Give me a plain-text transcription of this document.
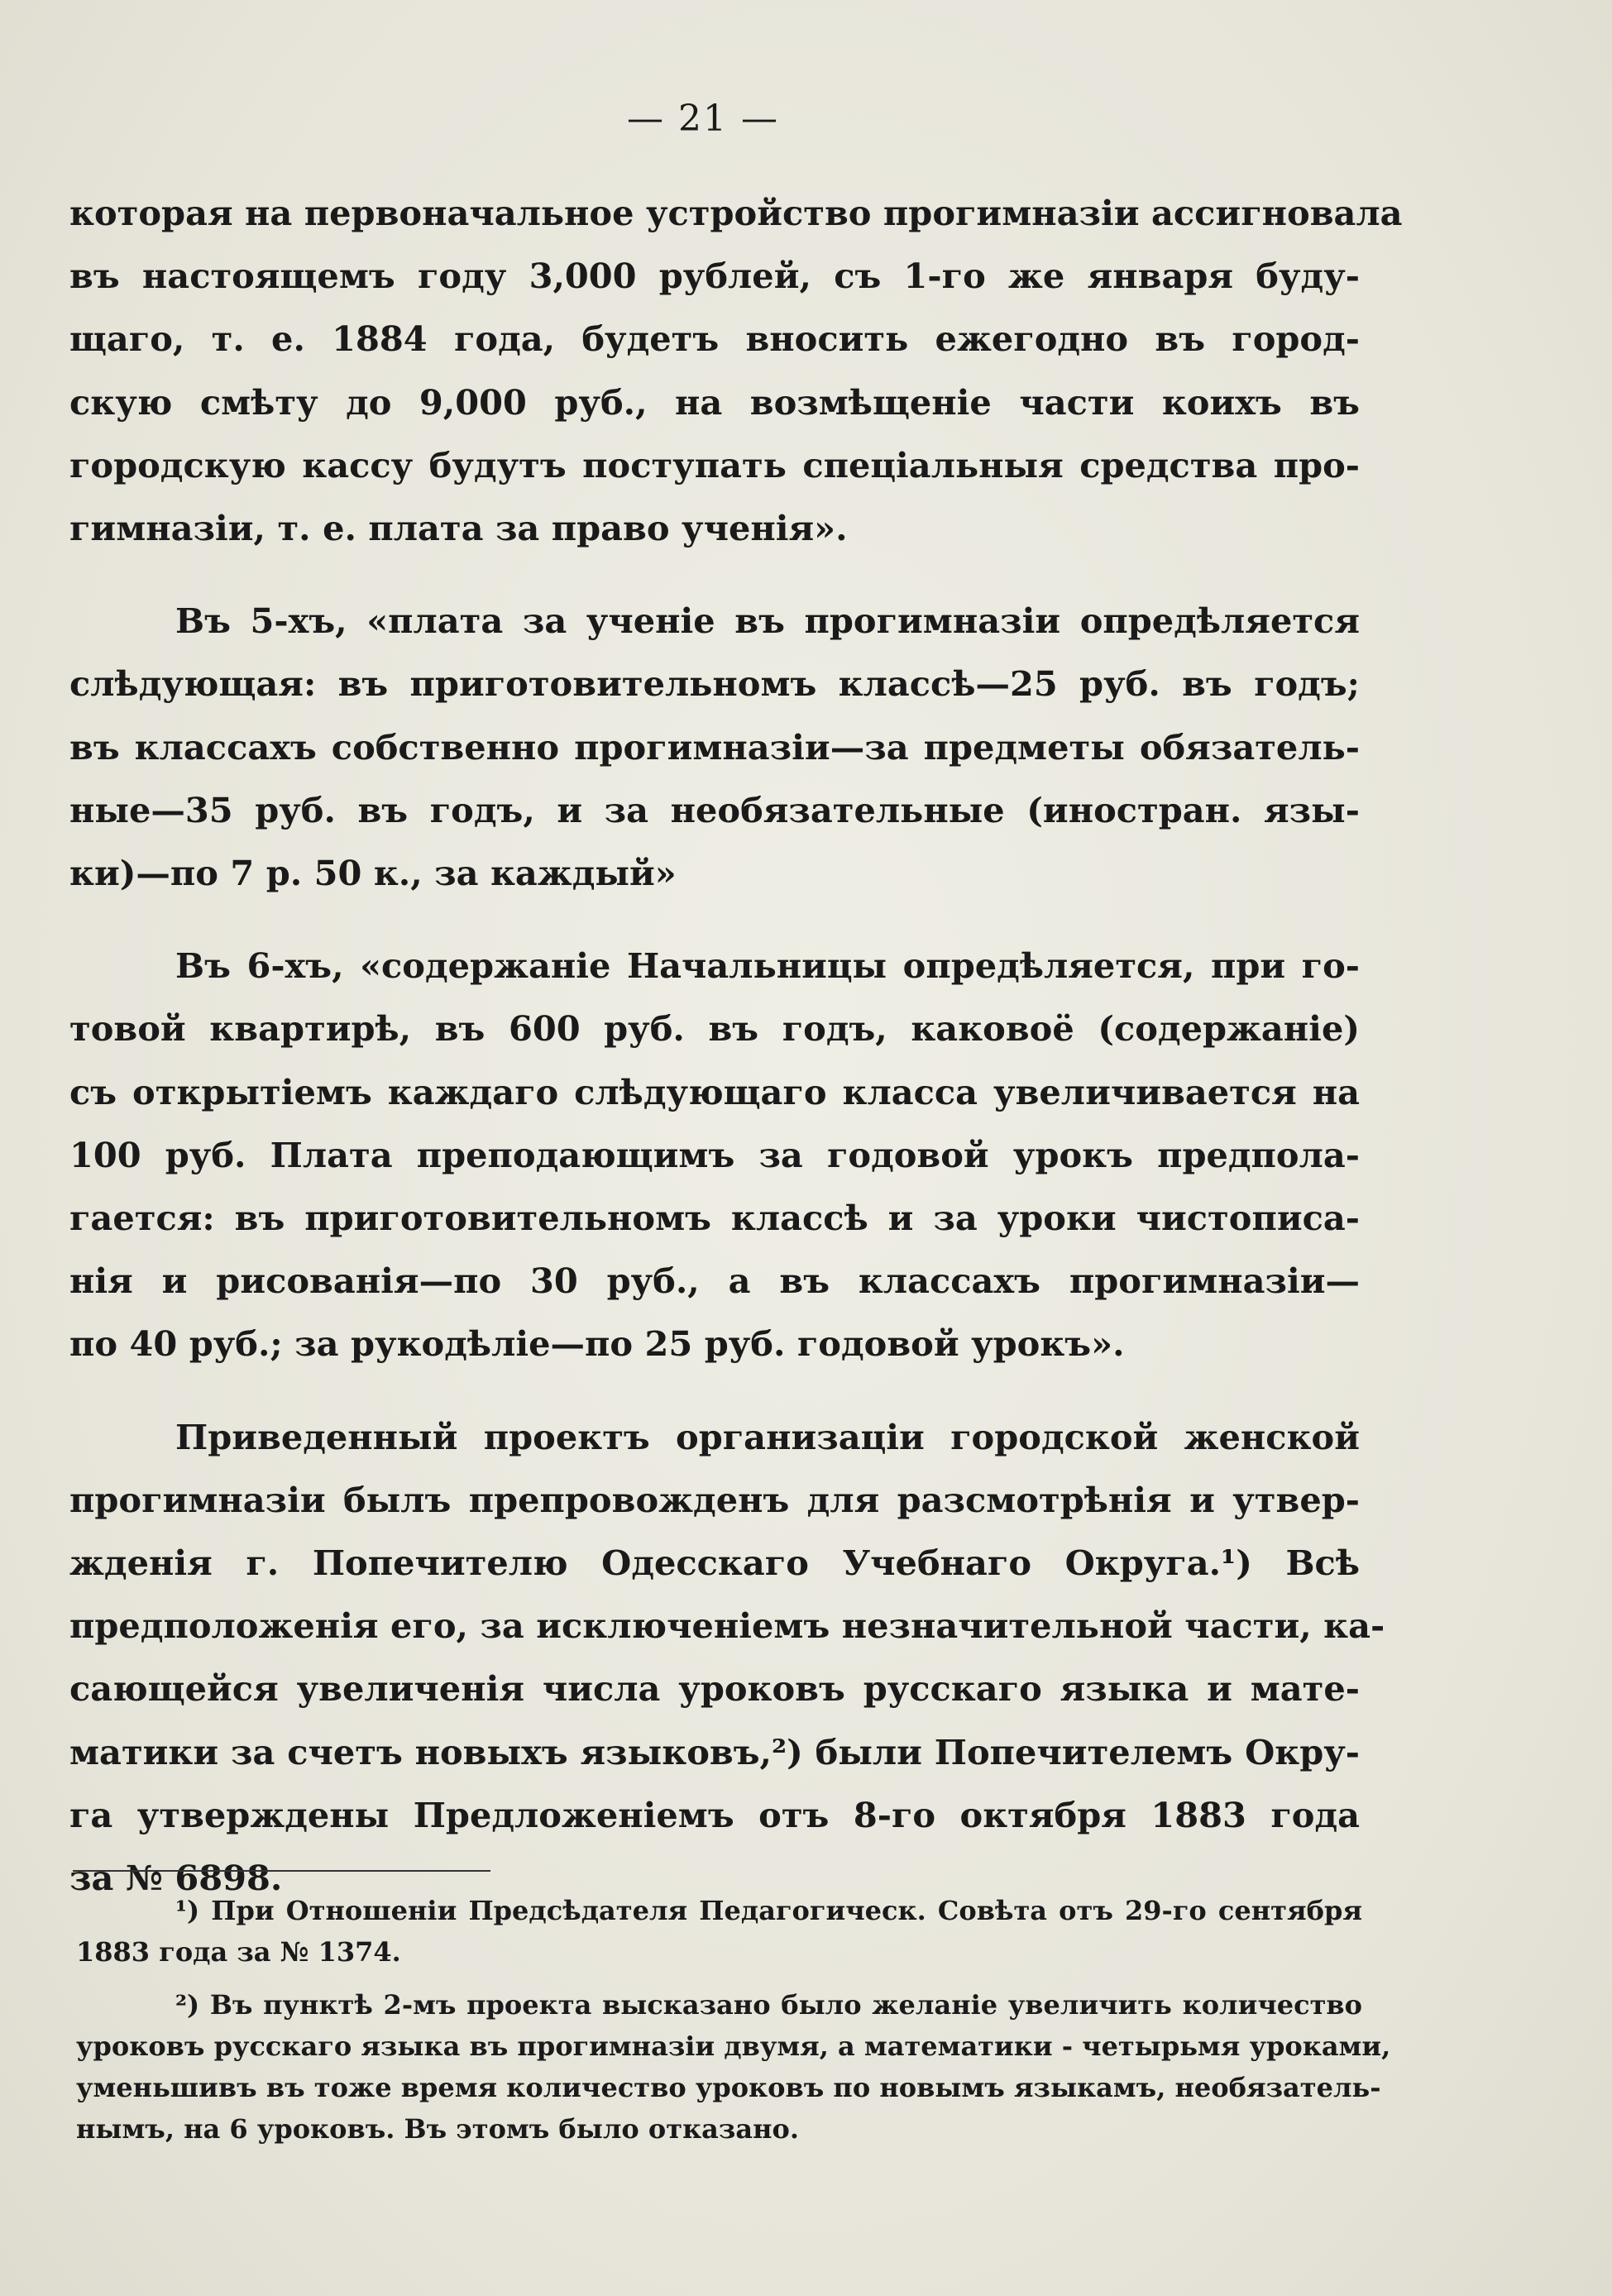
— 21 —
которая на первоначальное устройство прогимназіи ассигновала
въ настоящемъ году 3,000 рублей, съ 1-го же января буду-
щаго, т. е. 1884 года, будетъ вносить ежегодно въ город-
скую смѣту до 9,000 руб., на возмѣщеніе части коихъ въ
городскую кассу будутъ поступать спеціальныя средства про-
гимназіи, т. е. плата за право ученія».
Въ 5-хъ, «плата за ученіе въ прогимназіи опредѣляется
слѣдующая: въ приготовительномъ классѣ—25 руб. въ годъ;
въ классахъ собственно прогимназіи—за предметы обязатель-
ные—35 руб. въ годъ, и за необязательные (иностран. язы-
ки)—по 7 р. 50 к., за каждый»
Въ 6-хъ, «содержаніе Начальницы опредѣляется, при го-
товой квартирѣ, въ 600 руб. въ годъ, каковоё (содержаніе)
съ открытіемъ каждаго слѣдующаго класса увеличивается на
100 руб. Плата преподающимъ за годовой урокъ предпола-
гается: въ приготовительномъ классѣ и за уроки чистописа-
нія и рисованія—по 30 руб., а въ классахъ прогимназіи—
по 40 руб.; за рукодѣліе—по 25 руб. годовой урокъ».
Приведенный проектъ организаціи городской женской
прогимназіи былъ препровожденъ для разсмотрѣнія и утвер-
жденія г. Попечителю Одесскаго Учебнаго Округа.¹) Всѣ
предположенія его, за исключеніемъ незначительной части, ка-
сающейся увеличенія числа уроковъ русскаго языка и мате-
матики за счетъ новыхъ языковъ,²) были Попечителемъ Окру-
га утверждены Предложеніемъ отъ 8-го октября 1883 года
за № 6898.
¹) При Отношеніи Предсѣдателя Педагогическ. Совѣта отъ 29-го сентября
1883 года за № 1374.
²) Въ пунктѣ 2-мъ проекта высказано было желаніе увеличить количество
уроковъ русскаго языка въ прогимназіи двумя, а математики - четырьмя уроками,
уменьшивъ въ тоже время количество уроковъ по новымъ языкамъ, необязатель-
нымъ, на 6 уроковъ. Въ этомъ было отказано.
